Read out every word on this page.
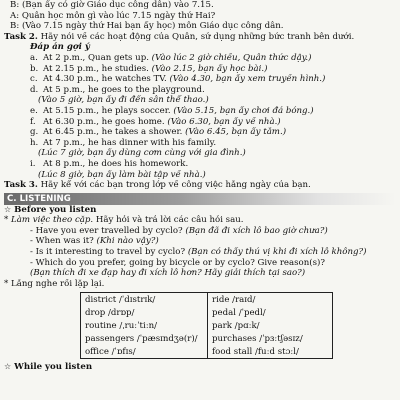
B: (Bạn ấy có giờ Giáo dục công dân) vào 7.15.
A: Quân học môn gì vào lúc 7.15 ngày thứ Hai?
B: (Vào 7.15 ngày thứ Hai bạn ấy học) môn Giáo dục công dân.
Task 2. Hãy nói về các hoạt động của Quân, sử dụng những bức tranh bên dưới.
Đáp án gợi ý
a. At 2 p.m., Quan gets up. (Vào lúc 2 giờ chiều, Quân thức dậy.)
b. At 2.15 p.m., he studies. (Vào 2.15, bạn ấy học bài.)
c. At 4.30 p.m., he watches TV. (Vào 4.30, bạn ấy xem truyền hình.)
d. At 5 p.m., he goes to the playground.
(Vào 5 giờ, bạn ấy đi đến sân thể thao.)
e. At 5.15 p.m., he plays soccer. (Vào 5.15, bạn ấy chơi đá bóng.)
f. At 6.30 p.m., he goes home. (Vào 6.30, bạn ấy về nhà.)
g. At 6.45 p.m., he takes a shower. (Vào 6.45, bạn ấy tắm.)
h. At 7 p.m., he has dinner with his family.
(Lúc 7 giờ, bạn ấy dùng cơm cùng với gia đình.)
i. At 8 p.m., he does his homework.
(Lúc 8 giờ, bạn ấy làm bài tập về nhà.)
Task 3. Hãy kể với các bạn trong lớp về công việc hằng ngày của bạn.
C. LISTENING
☆ Before you listen
* Làm việc theo cặp. Hãy hỏi và trả lời các câu hỏi sau.
- Have you ever travelled by cyclo? (Bạn đã đi xích lô bao giờ chưa?)
- When was it? (Khi nào vậy?)
- Is it interesting to travel by cyclo? (Bạn có thấy thú vị khi đi xích lô không?)
- Which do you prefer, going by bicycle or by cyclo? Give reason(s)?
(Bạn thích đi xe đạp hay đi xích lô hơn? Hãy giải thích tại sao?)
* Lắng nghe rồi lặp lại.
district /ˈdɪstrɪk/	ride /raɪd/
drop /drɒp/	pedal /ˈpedl/
routine /ˌruːˈtiːn/	park /pɑːk/
passengers /ˈpæsɪndʒə(r)/	purchases /ˈpɜːtʃəsɪz/
office /ˈɒfɪs/	food stall /fuːd stɔːl/
☆ While you listen
